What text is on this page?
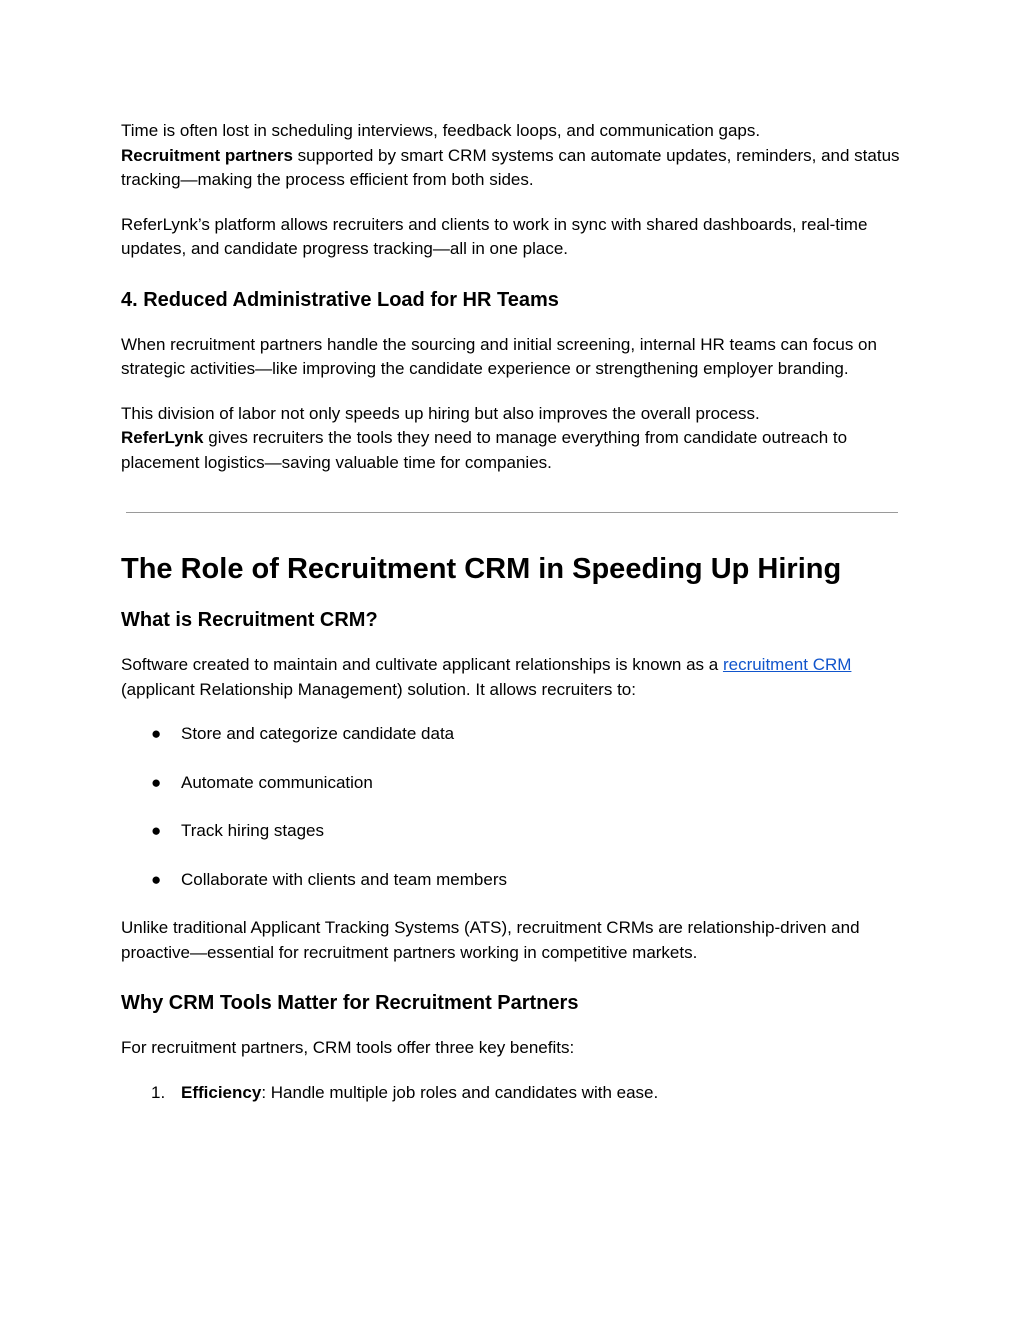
Time is often lost in scheduling interviews, feedback loops, and communication gaps.
Recruitment partners supported by smart CRM systems can automate updates, reminders, and status tracking—making the process efficient from both sides.

ReferLynk’s platform allows recruiters and clients to work in sync with shared dashboards, real-time updates, and candidate progress tracking—all in one place.

4. Reduced Administrative Load for HR Teams

When recruitment partners handle the sourcing and initial screening, internal HR teams can focus on strategic activities—like improving the candidate experience or strengthening employer branding.

This division of labor not only speeds up hiring but also improves the overall process.
ReferLynk gives recruiters the tools they need to manage everything from candidate outreach to placement logistics—saving valuable time for companies.

The Role of Recruitment CRM in Speeding Up Hiring
What is Recruitment CRM?

Software created to maintain and cultivate applicant relationships is known as a recruitment CRM (applicant Relationship Management) solution. It allows recruiters to:

● Store and categorize candidate data
● Automate communication
● Track hiring stages
● Collaborate with clients and team members

Unlike traditional Applicant Tracking Systems (ATS), recruitment CRMs are relationship-driven and proactive—essential for recruitment partners working in competitive markets.

Why CRM Tools Matter for Recruitment Partners

For recruitment partners, CRM tools offer three key benefits:

1. Efficiency: Handle multiple job roles and candidates with ease.
